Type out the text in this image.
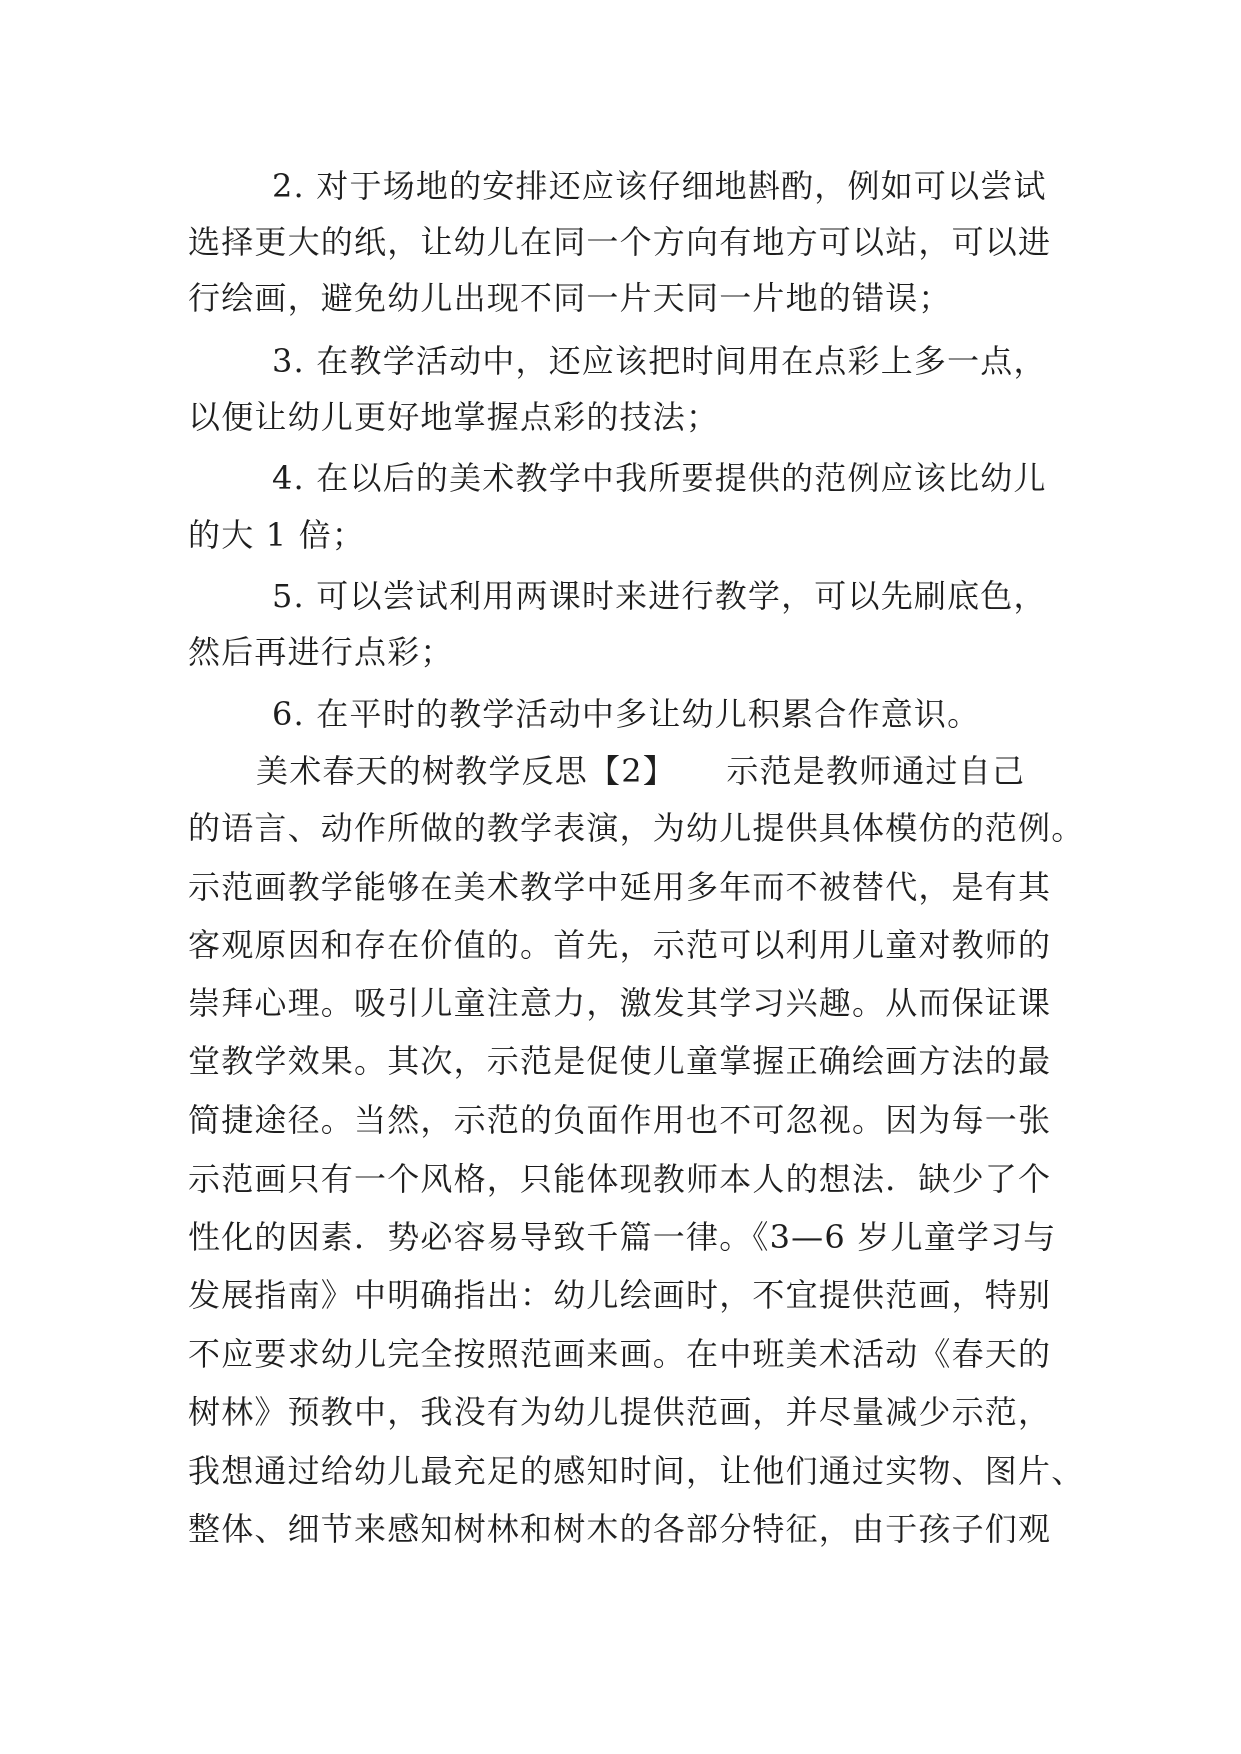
2. 对于场地的安排还应该仔细地斟酌，例如可以尝试
选择更大的纸，让幼儿在同一个方向有地方可以站，可以进
行绘画，避免幼儿出现不同一片天同一片地的错误；
3. 在教学活动中，还应该把时间用在点彩上多一点，
以便让幼儿更好地掌握点彩的技法；
4. 在以后的美术教学中我所要提供的范例应该比幼儿
的大 1 倍；
5. 可以尝试利用两课时来进行教学，可以先刷底色，
然后再进行点彩；
6. 在平时的教学活动中多让幼儿积累合作意识。
美术春天的树教学反思【2】　　示范是教师通过自己
的语言、动作所做的教学表演，为幼儿提供具体模仿的范例。
示范画教学能够在美术教学中延用多年而不被替代，是有其
客观原因和存在价值的。首先，示范可以利用儿童对教师的
崇拜心理。吸引儿童注意力，激发其学习兴趣。从而保证课
堂教学效果。其次，示范是促使儿童掌握正确绘画方法的最
简捷途径。当然，示范的负面作用也不可忽视。因为每一张
示范画只有一个风格，只能体现教师本人的想法．缺少了个
性化的因素．势必容易导致千篇一律。《3—6 岁儿童学习与
发展指南》中明确指出：幼儿绘画时，不宜提供范画，特别
不应要求幼儿完全按照范画来画。在中班美术活动《春天的
树林》预教中，我没有为幼儿提供范画，并尽量减少示范，
我想通过给幼儿最充足的感知时间，让他们通过实物、图片、
整体、细节来感知树林和树木的各部分特征，由于孩子们观
